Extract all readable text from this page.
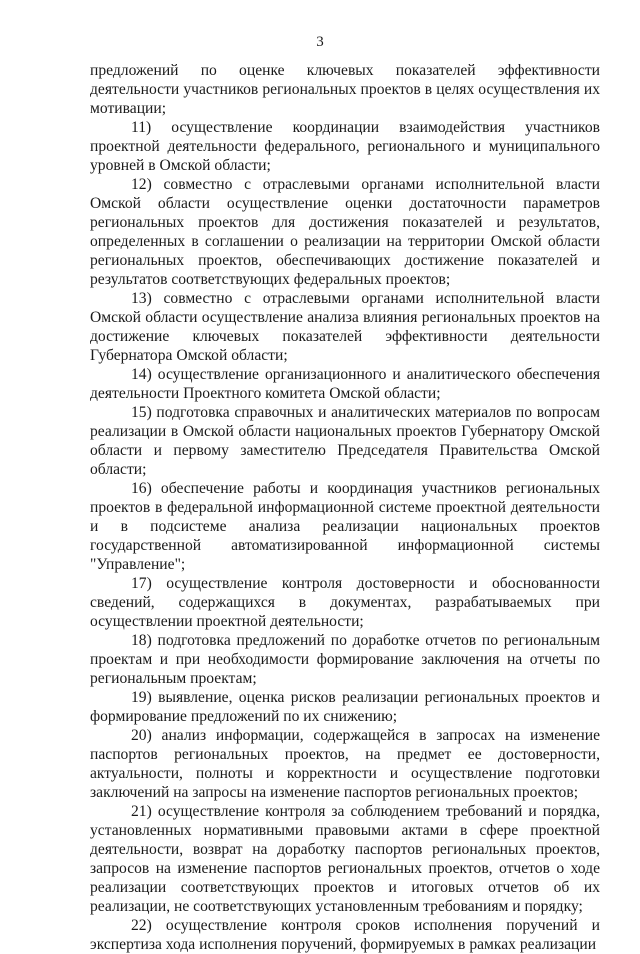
3

предложений по оценке ключевых показателей эффективности деятельности участников региональных проектов в целях осуществления их мотивации;

11) осуществление координации взаимодействия участников проектной деятельности федерального, регионального и муниципального уровней в Омской области;

12) совместно с отраслевыми органами исполнительной власти Омской области осуществление оценки достаточности параметров региональных проектов для достижения показателей и результатов, определенных в соглашении о реализации на территории Омской области региональных проектов, обеспечивающих достижение показателей и результатов соответствующих федеральных проектов;

13) совместно с отраслевыми органами исполнительной власти Омской области осуществление анализа влияния региональных проектов на достижение ключевых показателей эффективности деятельности Губернатора Омской области;

14) осуществление организационного и аналитического обеспечения деятельности Проектного комитета Омской области;

15) подготовка справочных и аналитических материалов по вопросам реализации в Омской области национальных проектов Губернатору Омской области и первому заместителю Председателя Правительства Омской области;

16) обеспечение работы и координация участников региональных проектов в федеральной информационной системе проектной деятельности и в подсистеме анализа реализации национальных проектов государственной автоматизированной информационной системы "Управление";

17) осуществление контроля достоверности и обоснованности сведений, содержащихся в документах, разрабатываемых при осуществлении проектной деятельности;

18) подготовка предложений по доработке отчетов по региональным проектам и при необходимости формирование заключения на отчеты по региональным проектам;

19) выявление, оценка рисков реализации региональных проектов и формирование предложений по их снижению;

20) анализ информации, содержащейся в запросах на изменение паспортов региональных проектов, на предмет ее достоверности, актуальности, полноты и корректности и осуществление подготовки заключений на запросы на изменение паспортов региональных проектов;

21) осуществление контроля за соблюдением требований и порядка, установленных нормативными правовыми актами в сфере проектной деятельности, возврат на доработку паспортов региональных проектов, запросов на изменение паспортов региональных проектов, отчетов о ходе реализации соответствующих проектов и итоговых отчетов об их реализации, не соответствующих установленным требованиям и порядку;

22) осуществление контроля сроков исполнения поручений и экспертиза хода исполнения поручений, формируемых в рамках реализации
